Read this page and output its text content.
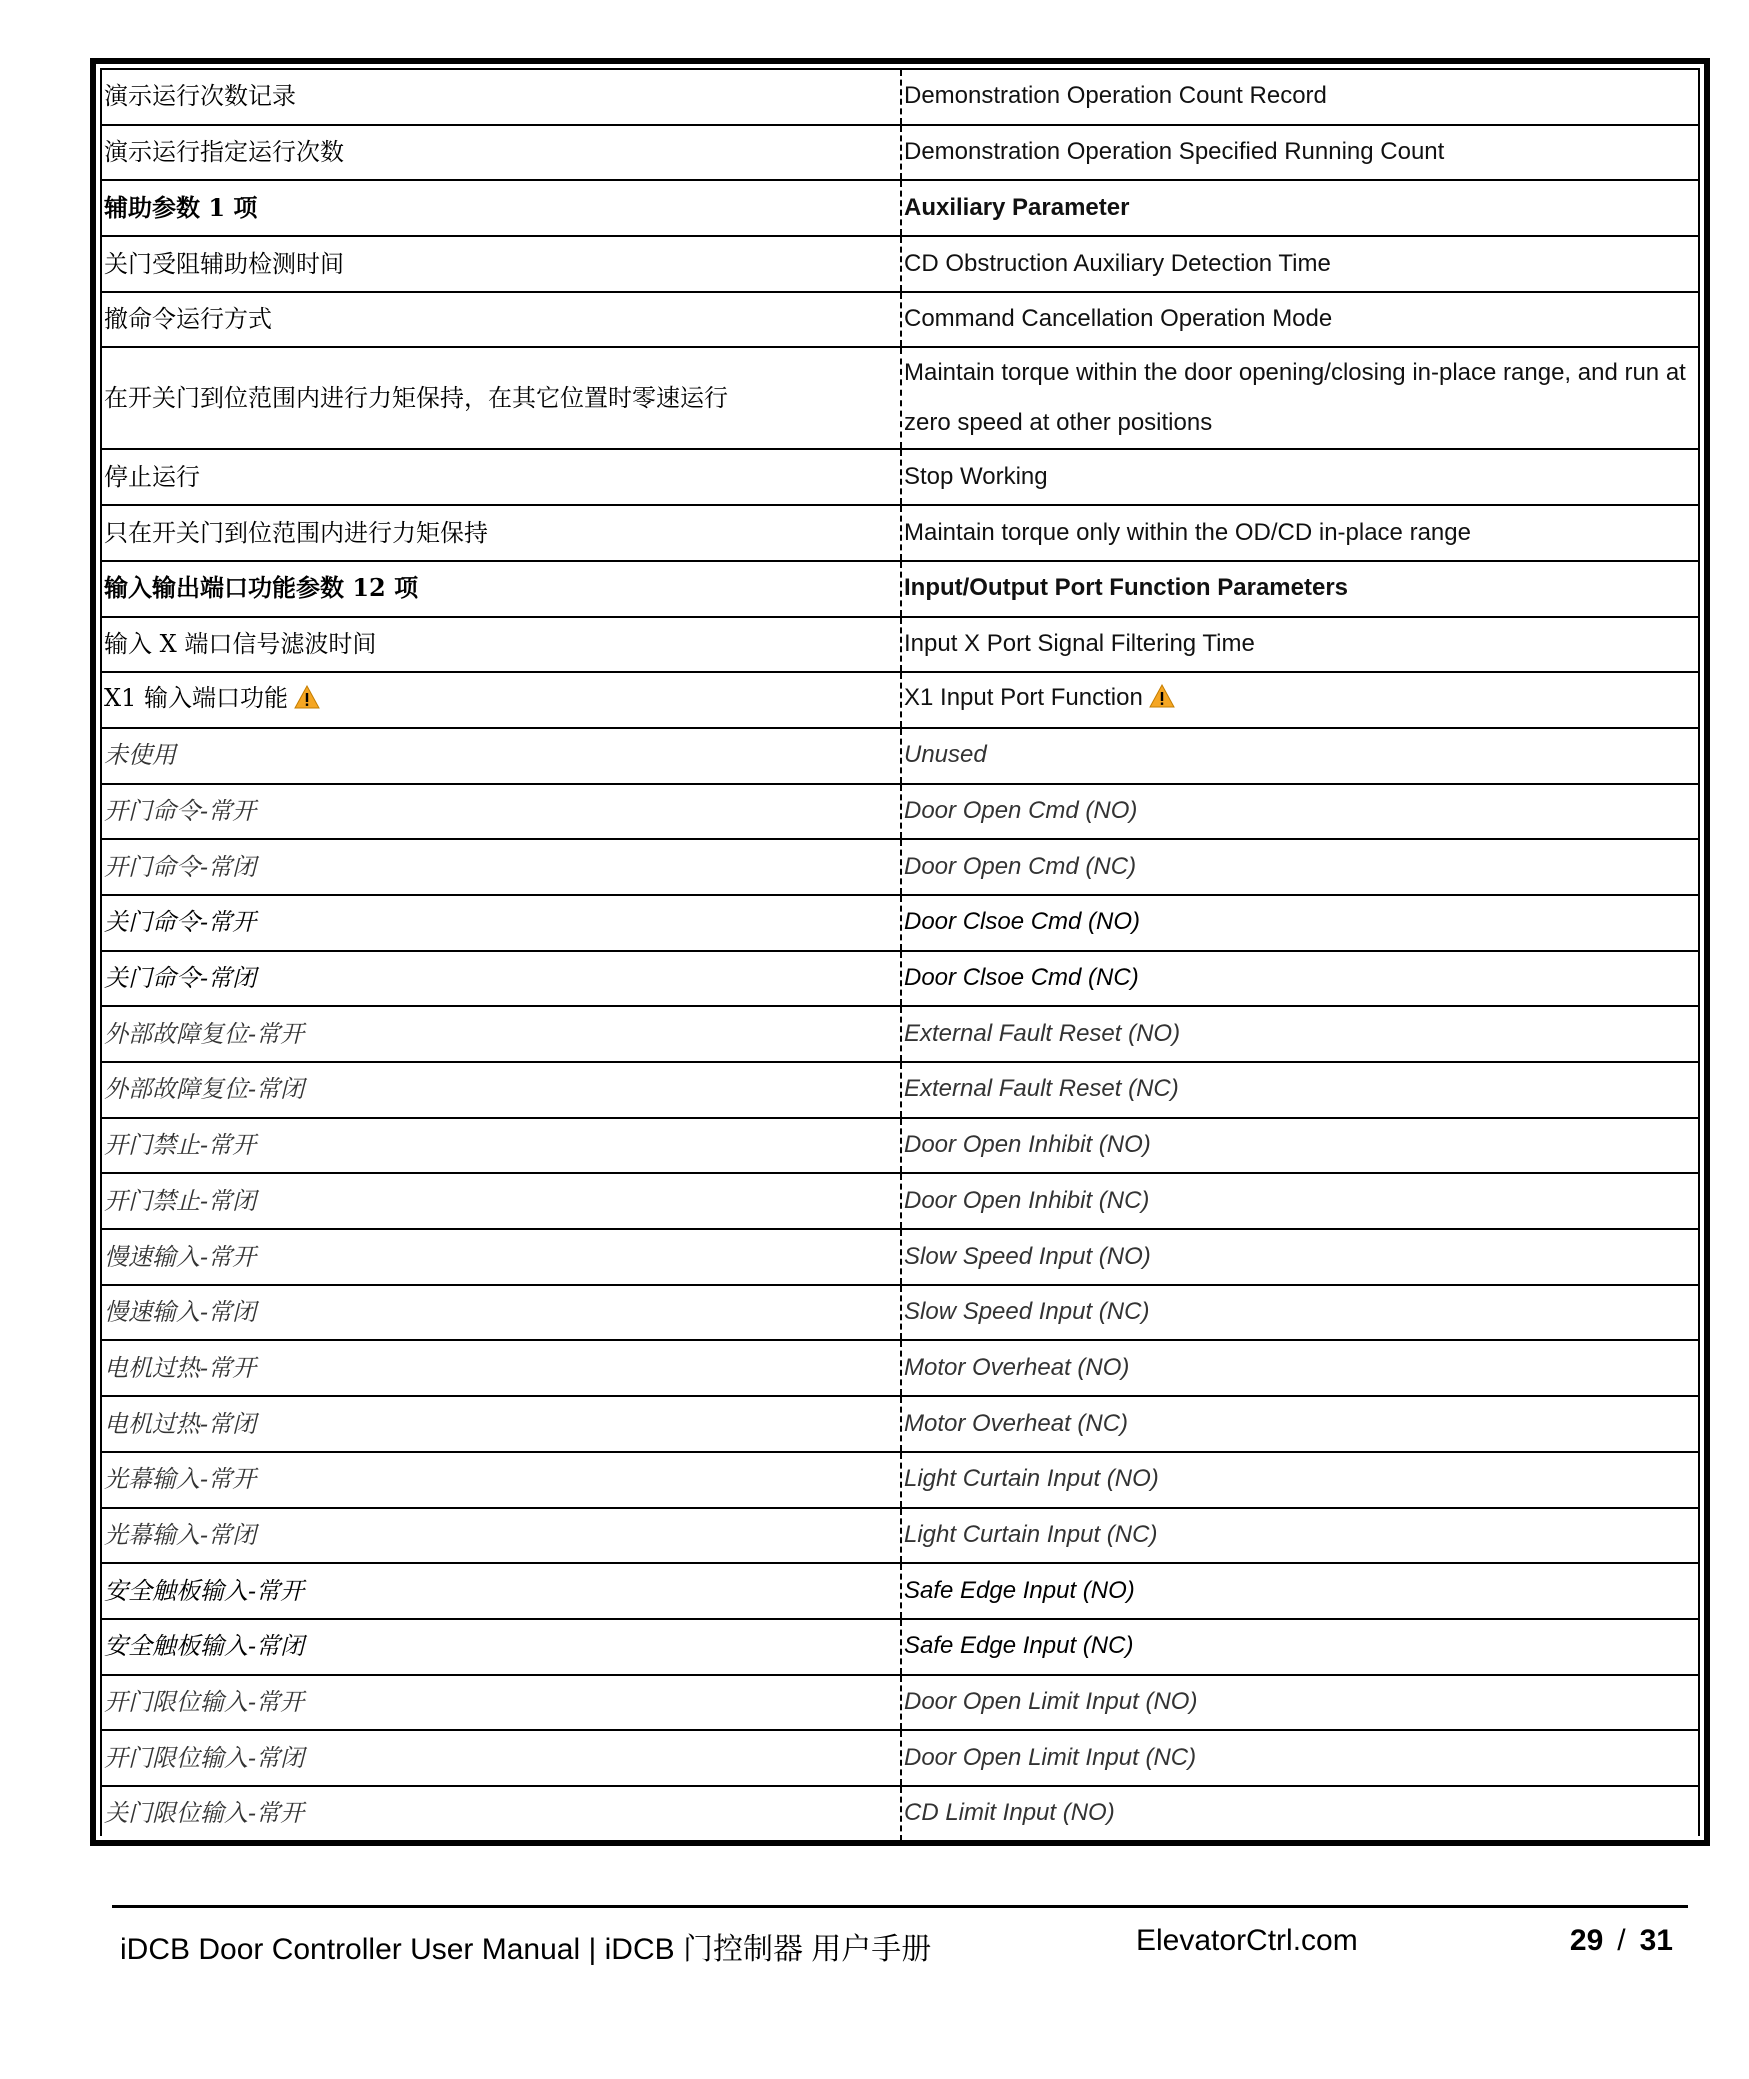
演示运行次数记录	Demonstration Operation Count Record
演示运行指定运行次数	Demonstration Operation Specified Running Count
辅助参数 1 项	Auxiliary Parameter
关门受阻辅助检测时间	CD Obstruction Auxiliary Detection Time
撤命令运行方式	Command Cancellation Operation Mode
在开关门到位范围内进行力矩保持，在其它位置时零速运行	Maintain torque within the door opening/closing in-place range, and run at zero speed at other positions
停止运行	Stop Working
只在开关门到位范围内进行力矩保持	Maintain torque only within the OD/CD in-place range
输入输出端口功能参数 12 项	Input/Output Port Function Parameters
输入 X 端口信号滤波时间	Input X Port Signal Filtering Time
X1 输入端口功能	X1 Input Port Function
未使用	Unused
开门命令-常开	Door Open Cmd (NO)
开门命令-常闭	Door Open Cmd (NC)
关门命令-常开	Door Clsoe Cmd (NO)
关门命令-常闭	Door Clsoe Cmd (NC)
外部故障复位-常开	External Fault Reset (NO)
外部故障复位-常闭	External Fault Reset (NC)
开门禁止-常开	Door Open Inhibit (NO)
开门禁止-常闭	Door Open Inhibit (NC)
慢速输入-常开	Slow Speed Input (NO)
慢速输入-常闭	Slow Speed Input (NC)
电机过热-常开	Motor Overheat (NO)
电机过热-常闭	Motor Overheat (NC)
光幕输入-常开	Light Curtain Input (NO)
光幕输入-常闭	Light Curtain Input (NC)
安全触板输入-常开	Safe Edge Input (NO)
安全触板输入-常闭	Safe Edge Input (NC)
开门限位输入-常开	Door Open Limit Input (NO)
开门限位输入-常闭	Door Open Limit Input (NC)
关门限位输入-常开	CD Limit Input (NO)
iDCB Door Controller User Manual | iDCB 门控制器 用户手册	ElevatorCtrl.com	29 / 31
